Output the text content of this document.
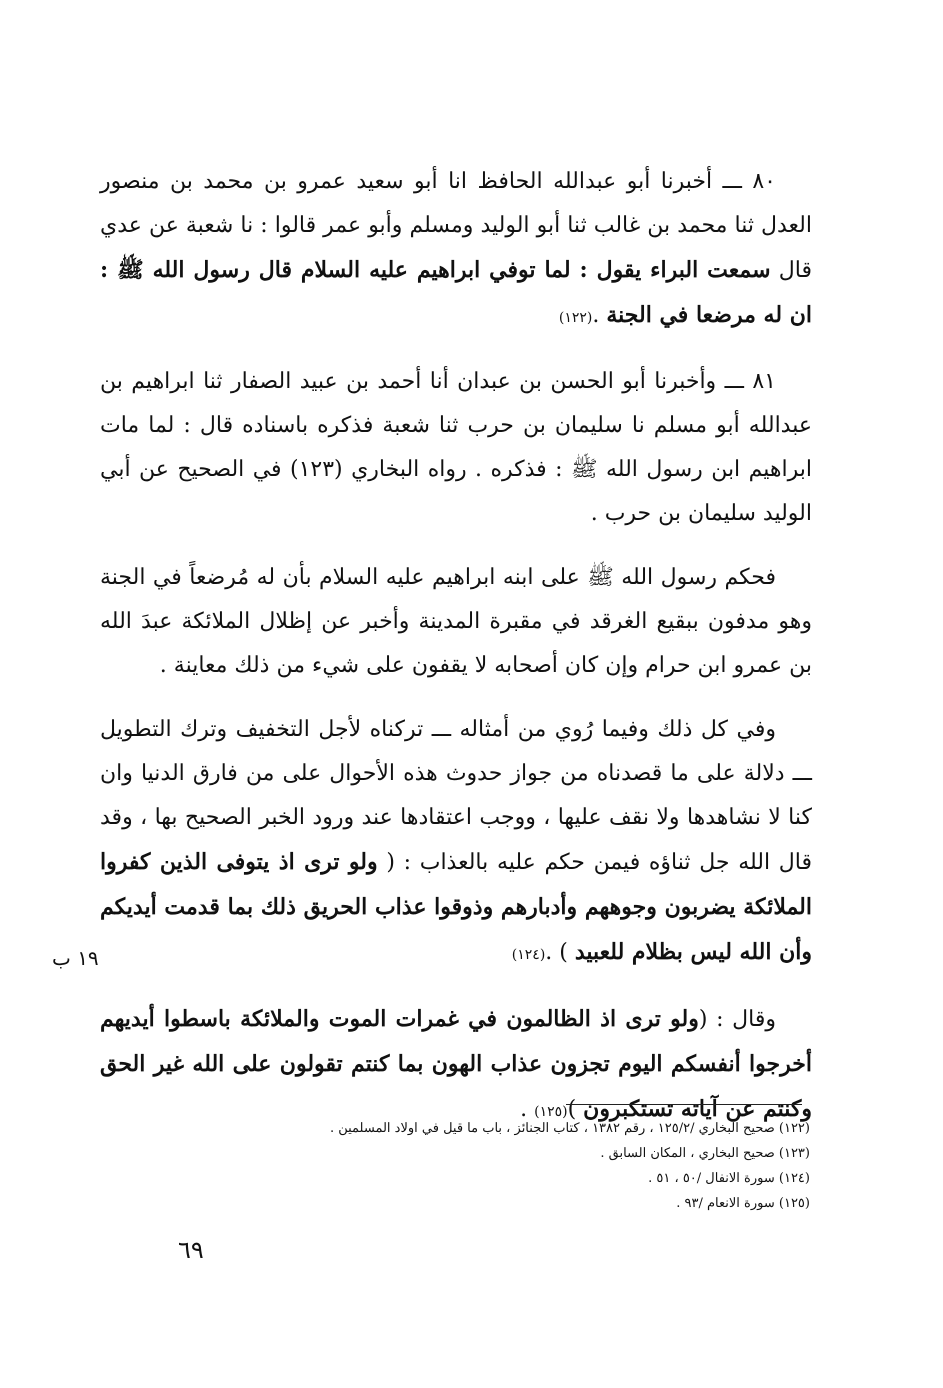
٨٠ ـــ أخبرنا أبو عبدالله الحافظ انا أبو سعيد عمرو بن محمد بن منصور العدل ثنا محمد بن غالب ثنا أبو الوليد ومسلم وأبو عمر قالوا : نا شعبة عن عدي قال سمعت البراء يقول : لما توفي ابراهيم عليه السلام قال رسول الله ﷺ : ان له مرضعا في الجنة .(١٢٢)

٨١ ـــ وأخبرنا أبو الحسن بن عبدان أنا أحمد بن عبيد الصفار ثنا ابراهيم بن عبدالله أبو مسلم نا سليمان بن حرب ثنا شعبة فذكره باسناده قال : لما مات ابراهيم ابن رسول الله ﷺ : فذكره . رواه البخاري (١٢٣) في الصحيح عن أبي الوليد سليمان بن حرب .

فحكم رسول الله ﷺ على ابنه ابراهيم عليه السلام بأن له مُرضعاً في الجنة وهو مدفون ببقيع الغرقد في مقبرة المدينة وأخبر عن إظلال الملائكة عبدَ الله بن عمرو ابن حرام وإن كان أصحابه لا يقفون على شيء من ذلك معاينة .

وفي كل ذلك وفيما رُوي من أمثاله ـــ تركناه لأجل التخفيف وترك التطويل ـــ دلالة على ما قصدناه من جواز حدوث هذه الأحوال على من فارق الدنيا وان كنا لا نشاهدها ولا نقف عليها ، ووجب اعتقادها عند ورود الخبر الصحيح بها ، وقد قال الله جل ثناؤه فيمن حكم عليه بالعذاب : ( ولو ترى اذ يتوفى الذين كفروا الملائكة يضربون وجوههم وأدبارهم وذوقوا عذاب الحريق ذلك بما قدمت أيديكم وأن الله ليس بظلام للعبيد ) .(١٢٤)

وقال : (ولو ترى اذ الظالمون في غمرات الموت والملائكة باسطوا أيديهم أخرجوا أنفسكم اليوم تجزون عذاب الهون بما كنتم تقولون على الله غير الحق وكنتم عن آياته تستكبرون )(١٢٥) .

١٩ ب
(١٢٢) صحيح البخاري /١٢٥/٢ ، رقم ١٣٨٢ ، كتاب الجنائز ، باب ما قيل في اولاد المسلمين .
(١٢٣) صحيح البخاري ، المكان السابق .
(١٢٤) سورة الانفال /٥٠ ، ٥١ .
(١٢٥) سورة الانعام /٩٣ .
٦٩
